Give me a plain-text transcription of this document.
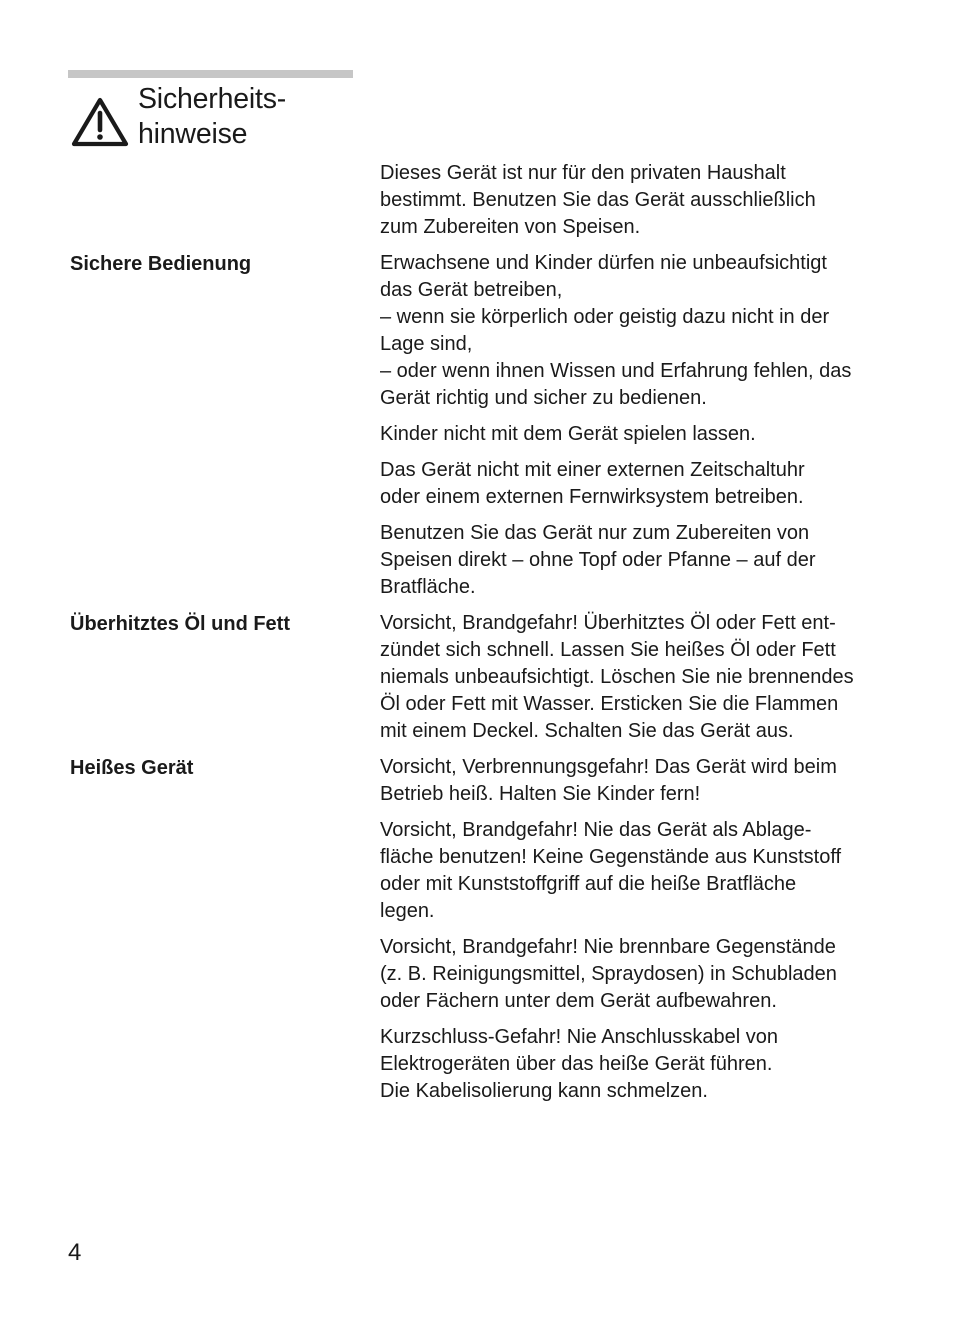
Sicherheits-
hinweise

Dieses Gerät ist nur für den privaten Haushalt
bestimmt. Benutzen Sie das Gerät ausschließlich
zum Zubereiten von Speisen.

Sichere Bedienung	Erwachsene und Kinder dürfen nie unbeaufsichtigt
das Gerät betreiben,
– wenn sie körperlich oder geistig dazu nicht in der
Lage sind,
– oder wenn ihnen Wissen und Erfahrung fehlen, das
Gerät richtig und sicher zu bedienen.

Kinder nicht mit dem Gerät spielen lassen.

Das Gerät nicht mit einer externen Zeitschaltuhr
oder einem externen Fernwirksystem betreiben.

Benutzen Sie das Gerät nur zum Zubereiten von
Speisen direkt – ohne Topf oder Pfanne – auf der
Bratfläche.

Überhitztes Öl und Fett	Vorsicht, Brandgefahr! Überhitztes Öl oder Fett ent-
zündet sich schnell. Lassen Sie heißes Öl oder Fett
niemals unbeaufsichtigt. Löschen Sie nie brennendes
Öl oder Fett mit Wasser. Ersticken Sie die Flammen
mit einem Deckel. Schalten Sie das Gerät aus.

Heißes Gerät	Vorsicht, Verbrennungsgefahr! Das Gerät wird beim
Betrieb heiß. Halten Sie Kinder fern!

Vorsicht, Brandgefahr! Nie das Gerät als Ablage-
fläche benutzen! Keine Gegenstände aus Kunststoff
oder mit Kunststoffgriff auf die heiße Bratfläche
legen.

Vorsicht, Brandgefahr! Nie brennbare Gegenstände
(z. B. Reinigungsmittel, Spraydosen) in Schubladen
oder Fächern unter dem Gerät aufbewahren.

Kurzschluss-Gefahr! Nie Anschlusskabel von
Elektrogeräten über das heiße Gerät führen.
Die Kabelisolierung kann schmelzen.

4
